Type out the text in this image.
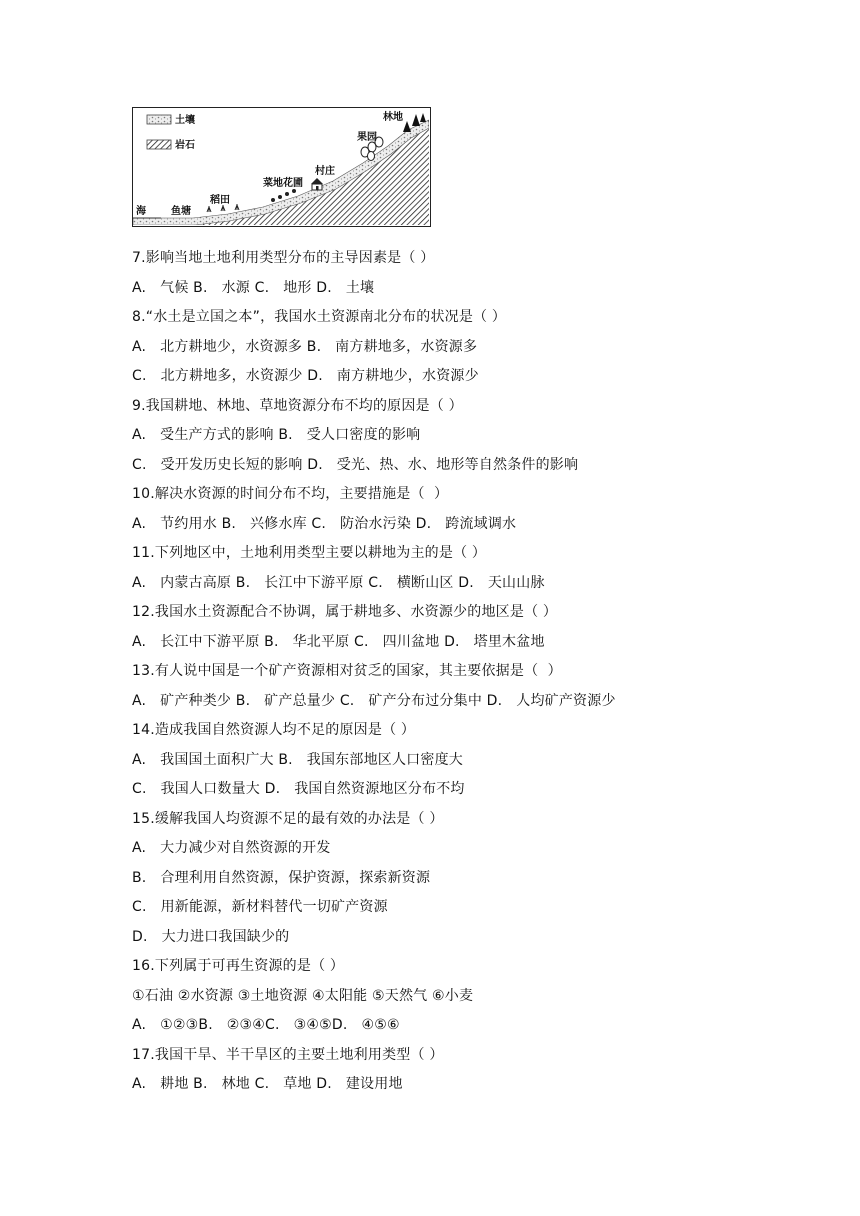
土壤
岩石
海	鱼塘
稻田
菜地花圃
村庄
果园
林地
7.影响当地土地利用类型分布的主导因素是（ ）
A.   气候 B.   水源 C.   地形 D.   土壤
8.“水土是立国之本”，我国水土资源南北分布的状况是（ ）
A.   北方耕地少，水资源多 B.   南方耕地多，水资源多
C.   北方耕地多，水资源少 D.   南方耕地少，水资源少
9.我国耕地、林地、草地资源分布不均的原因是（ ）
A.   受生产方式的影响 B.   受人口密度的影响
C.   受开发历史长短的影响 D.   受光、热、水、地形等自然条件的影响
10.解决水资源的时间分布不均，主要措施是（  ）
A.   节约用水 B.   兴修水库 C.   防治水污染 D.   跨流域调水
11.下列地区中，土地利用类型主要以耕地为主的是（ ）
A.   内蒙古高原 B.   长江中下游平原 C.   横断山区 D.   天山山脉
12.我国水土资源配合不协调，属于耕地多、水资源少的地区是（ ）
A.   长江中下游平原 B.   华北平原 C.   四川盆地 D.   塔里木盆地
13.有人说中国是一个矿产资源相对贫乏的国家，其主要依据是（  ）
A.   矿产种类少 B.   矿产总量少 C.   矿产分布过分集中 D.   人均矿产资源少
14.造成我国自然资源人均不足的原因是（ ）
A.   我国国土面积广大 B.   我国东部地区人口密度大
C.   我国人口数量大 D.   我国自然资源地区分布不均
15.缓解我国人均资源不足的最有效的办法是（ ）
A.   大力减少对自然资源的开发
B.   合理利用自然资源，保护资源，探索新资源
C.   用新能源，新材料替代一切矿产资源
D.   大力进口我国缺少的
16.下列属于可再生资源的是（ ）
①石油 ②水资源 ③土地资源 ④太阳能 ⑤天然气 ⑥小麦
A.   ①②③B.   ②③④C.   ③④⑤D.   ④⑤⑥
17.我国干旱、半干旱区的主要土地利用类型（ ）
A.   耕地 B.   林地 C.   草地 D.   建设用地
